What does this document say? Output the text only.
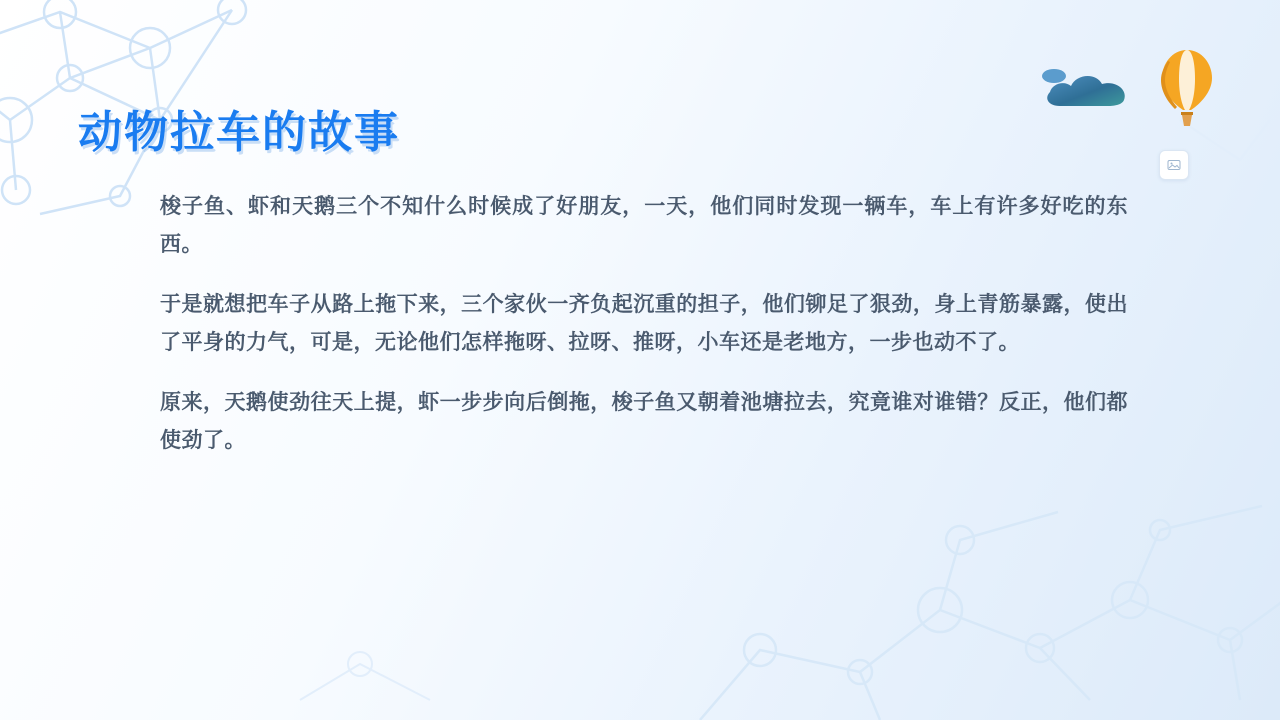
动物拉车的故事

梭子鱼、虾和天鹅三个不知什么时候成了好朋友，一天，他们同时发现一辆车，车上有许多好吃的东西。

于是就想把车子从路上拖下来，三个家伙一齐负起沉重的担子，他们铆足了狠劲，身上青筋暴露，使出了平身的力气，可是，无论他们怎样拖呀、拉呀、推呀，小车还是老地方，一步也动不了。

原来，天鹅使劲往天上提，虾一步步向后倒拖，梭子鱼又朝着池塘拉去，究竟谁对谁错？反正，他们都使劲了。
